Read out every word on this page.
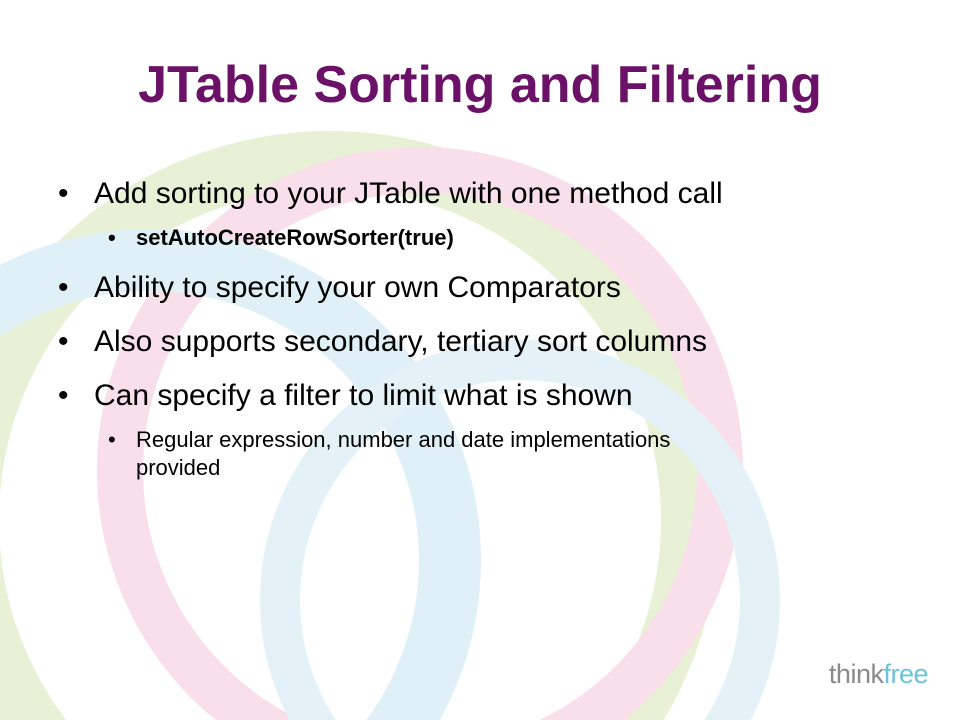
JTable Sorting and Filtering
• Add sorting to your JTable with one method call
• setAutoCreateRowSorter(true)
• Ability to specify your own Comparators
• Also supports secondary, tertiary sort columns
• Can specify a filter to limit what is shown
• Regular expression, number and date implementations provided
thinkfree
